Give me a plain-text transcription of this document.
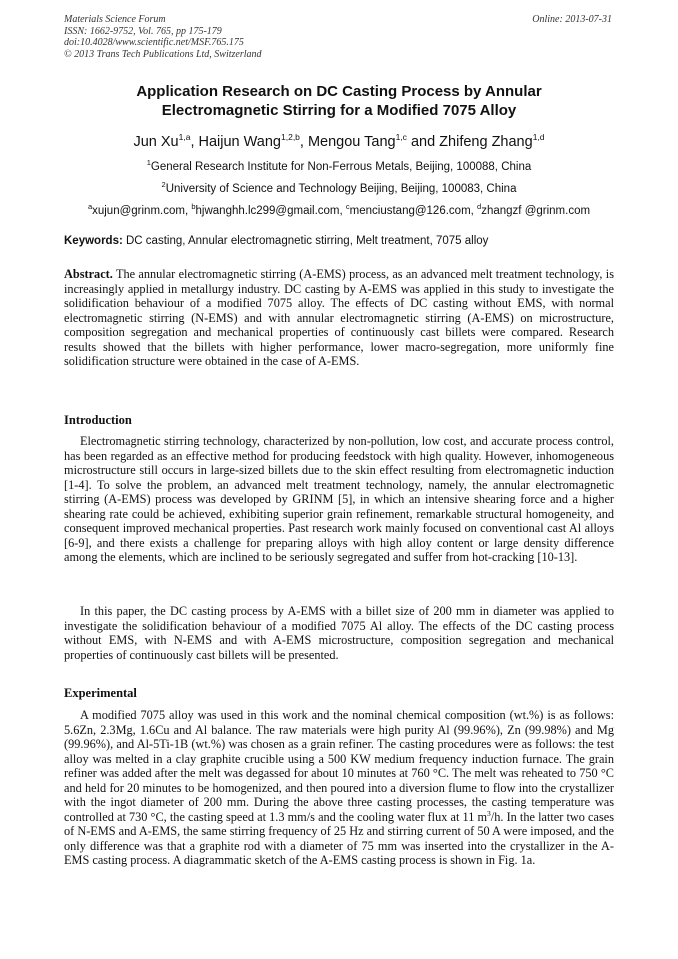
Materials Science Forum
ISSN: 1662-9752, Vol. 765, pp 175-179
doi:10.4028/www.scientific.net/MSF.765.175
© 2013 Trans Tech Publications Ltd, Switzerland
Online: 2013-07-31
Application Research on DC Casting Process by Annular
Electromagnetic Stirring for a Modified 7075 Alloy
Jun Xu$^{1,a}$, Haijun Wang$^{1,2,b}$, Mengou Tang$^{1,c}$ and Zhifeng Zhang$^{1,d}$
$^1$General Research Institute for Non-Ferrous Metals, Beijing, 100088, China
$^2$University of Science and Technology Beijing, Beijing, 100083, China
$^a$xujun@grinm.com, $^b$hjwanghh.lc299@gmail.com, $^c$menciustang@126.com, $^d$zhangzf @grinm.com
Keywords: DC casting, Annular electromagnetic stirring, Melt treatment, 7075 alloy
Abstract. The annular electromagnetic stirring (A-EMS) process, as an advanced melt treatment technology, is increasingly applied in metallurgy industry. DC casting by A-EMS was applied in this study to investigate the solidification behaviour of a modified 7075 alloy. The effects of DC casting without EMS, with normal electromagnetic stirring (N-EMS) and with annular electromagnetic stirring (A-EMS) on microstructure, composition segregation and mechanical properties of continuously cast billets were compared. Research results showed that the billets with higher performance, lower macro-segregation, more uniformly fine solidification structure were obtained in the case of A-EMS.
Introduction
Electromagnetic stirring technology, characterized by non-pollution, low cost, and accurate process control, has been regarded as an effective method for producing feedstock with high quality. However, inhomogeneous microstructure still occurs in large-sized billets due to the skin effect resulting from electromagnetic induction [1-4]. To solve the problem, an advanced melt treatment technology, namely, the annular electromagnetic stirring (A-EMS) process was developed by GRINM [5], in which an intensive shearing force and a higher shearing rate could be achieved, exhibiting superior grain refinement, remarkable structural homogeneity, and consequent improved mechanical properties. Past research work mainly focused on conventional cast Al alloys [6-9], and there exists a challenge for preparing alloys with high alloy content or large density difference among the elements, which are inclined to be seriously segregated and suffer from hot-cracking [10-13].
In this paper, the DC casting process by A-EMS with a billet size of 200 mm in diameter was applied to investigate the solidification behaviour of a modified 7075 Al alloy. The effects of the DC casting process without EMS, with N-EMS and with A-EMS microstructure, composition segregation and mechanical properties of continuously cast billets will be presented.
Experimental
A modified 7075 alloy was used in this work and the nominal chemical composition (wt.%) is as follows: 5.6Zn, 2.3Mg, 1.6Cu and Al balance. The raw materials were high purity Al (99.96%), Zn (99.98%) and Mg (99.96%), and Al-5Ti-1B (wt.%) was chosen as a grain refiner. The casting procedures were as follows: the test alloy was melted in a clay graphite crucible using a 500 KW medium frequency induction furnace. The grain refiner was added after the melt was degassed for about 10 minutes at 760 °C. The melt was reheated to 750 °C and held for 20 minutes to be homogenized, and then poured into a diversion flume to flow into the crystallizer with the ingot diameter of 200 mm. During the above three casting processes, the casting temperature was controlled at 730 °C, the casting speed at 1.3 mm/s and the cooling water flux at 11 $m^3/h$. In the latter two cases of N-EMS and A-EMS, the same stirring frequency of 25 Hz and stirring current of 50 A were imposed, and the only difference was that a graphite rod with a diameter of 75 mm was inserted into the crystallizer in the A-EMS casting process. A diagrammatic sketch of the A-EMS casting process is shown in Fig. 1a.
